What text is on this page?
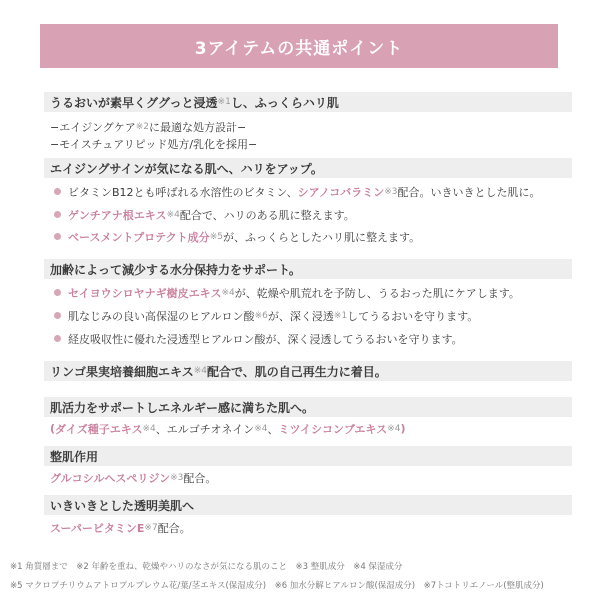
3アイテムの共通ポイント
うるおいが素早くググっと浸透 ※1 し、ふっくらハリ肌
−エイジングケア ※2 に最適な処方設計−
−モイスチュアリピッド処方/乳化を採用−
エイジングサインが気になる肌へ、ハリをアップ。
ビタミンB12とも呼ばれる水溶性のビタミン、 シアノコバラミン ※3 配合。いきいきとした肌に。
ゲンチアナ根エキス ※4 配合で、ハリのある肌に整えます。
ベースメントプロテクト成分 ※5 が、ふっくらとしたハリ肌に整えます。
加齢によって減少する水分保持力をサポート。
セイヨウシロヤナギ樹皮エキス ※4 が、乾燥や肌荒れを予防し、うるおった肌にケアします。
肌なじみの良い高保湿のヒアルロン酸 ※6 が、深く浸透 ※1 してうるおいを守ります。
経皮吸収性に優れた浸透型ヒアルロン酸が、深く浸透してうるおいを守ります。
リンゴ果実培養細胞エキス ※4 配合で、肌の自己再生力に着目。
肌活力をサポートしエネルギー感に満ちた肌へ。
( ダイズ種子エキス ※4 、エルゴチオネイン ※4 、 ミツイシコンブエキス ※4 )
整肌作用
グルコシルヘスペリジン ※3 配合。
いきいきとした透明美肌へ
スーパービタミンE ※7 配合。
※1 角質層まで　※2 年齢を重ね、乾燥やハリのなさが気になる肌のこと　※3 整肌成分　※4 保湿成分
※5 マクロプチリウムアトロプルプレウム花/葉/茎エキス(保湿成分)　※6 加水分解ヒアルロン酸(保湿成分)　※7トコトリエノール(整肌成分)
